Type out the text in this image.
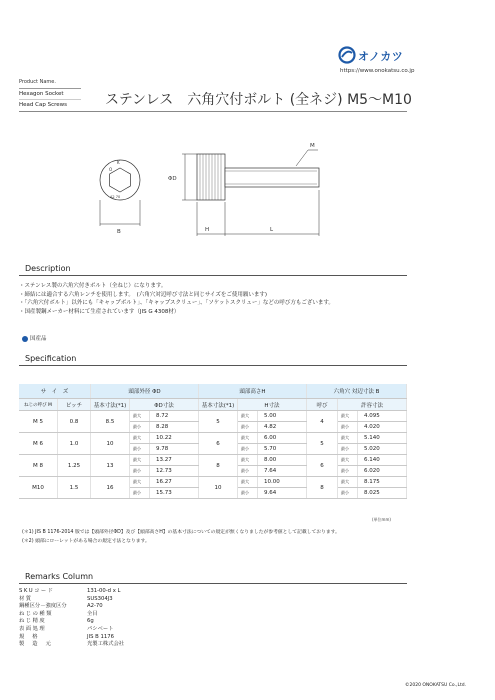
オノカツ
https://www.onokatsu.co.jp
Product Name.
Hexagon Socket
Head Cap Screws	ステンレス　六角穴付ボルト (全ネジ) M5〜M10
K
O
A2 70
B
ΦD
H	L
M
Description
・ステンレス製の六角穴付きボルト（全ねじ）になります。
・締結には適合する六角レンチを使用します。　(六角穴対辺呼び寸法と同じサイズをご使用願います)
・「六角穴付ボルト」以外にも「キャップボルト」、「キャップスクリュー」、「ソケットスクリュー」などの呼び方もございます。
・国産製鋼メーカー材料にて生産されています（JIS G 4308材）
国産品
Specification
サ　イ　ズ		頭部外径 ΦD			頭部高さH			六角穴 対辺寸法 B		
ねじの呼び M	ピッチ	基本寸法(*1)	ΦD寸法		基本寸法(*1)	H寸法		呼び	許容寸法	
M 5	0.8	8.5	最大	8.72	5	最大	5.00	4	最大	4.095
			最小	8.28		最小	4.82		最小	4.020
M 6	1.0	10	最大	10.22	6	最大	6.00	5	最大	5.140
			最小	9.78		最小	5.70		最小	5.020
M 8	1.25	13	最大	13.27	8	最大	8.00	6	最大	6.140
			最小	12.73		最小	7.64		最小	6.020
M10	1.5	16	最大	16.27	10	最大	10.00	8	最大	8.175
			最小	15.73		最小	9.64		最小	8.025
(単位mm)
(＊1) JIS B 1176-2014 版では【頭部外径ΦD】及び【頭部高さH】の基本寸法についての規定が無くなりましたが参考値として記載しております。
(＊2) 頭部にローレットがある場合の規定寸法となります。
Remarks Column
SKUコード	131-00-d x L
材質	SUS304J3
鋼種区分－強度区分	A2-70
ねじの種類	全目
ねじ精度	6g
表面処理	パシベート
規格	JIS B 1176
製造元	光製工株式会社
©2020 ONOKATSU Co.,Ltd.
